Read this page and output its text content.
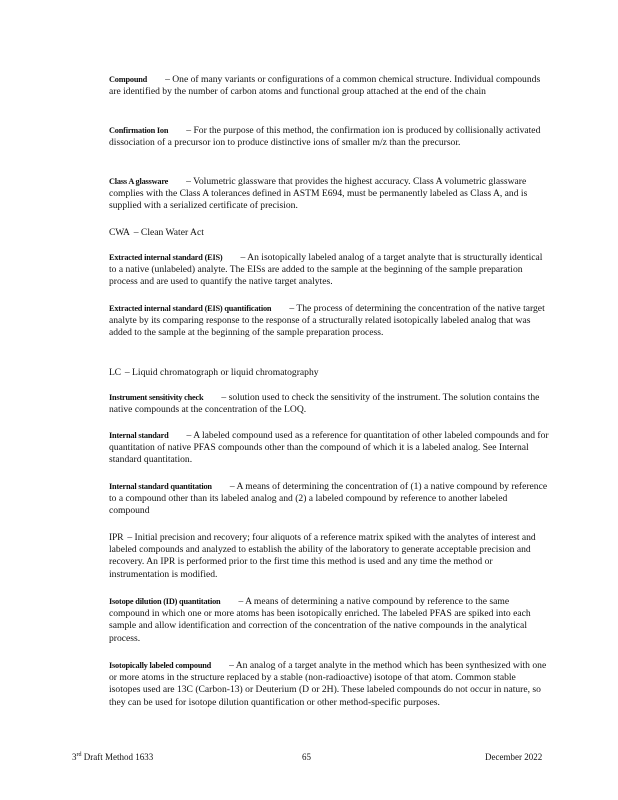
Compound – One of many variants or configurations of a common chemical structure. Individual compounds are identified by the number of carbon atoms and functional group attached at the end of the chain
Confirmation Ion – For the purpose of this method, the confirmation ion is produced by collisionally activated dissociation of a precursor ion to produce distinctive ions of smaller m/z than the precursor.
Class A glassware – Volumetric glassware that provides the highest accuracy. Class A volumetric glassware complies with the Class A tolerances defined in ASTM E694, must be permanently labeled as Class A, and is supplied with a serialized certificate of precision.
CWA – Clean Water Act
Extracted internal standard (EIS) – An isotopically labeled analog of a target analyte that is structurally identical to a native (unlabeled) analyte. The EISs are added to the sample at the beginning of the sample preparation process and are used to quantify the native target analytes.
Extracted internal standard (EIS) quantification – The process of determining the concentration of the native target analyte by its comparing response to the response of a structurally related isotopically labeled analog that was added to the sample at the beginning of the sample preparation process.
LC – Liquid chromatograph or liquid chromatography
Instrument sensitivity check – solution used to check the sensitivity of the instrument. The solution contains the native compounds at the concentration of the LOQ.
Internal standard – A labeled compound used as a reference for quantitation of other labeled compounds and for quantitation of native PFAS compounds other than the compound of which it is a labeled analog. See Internal standard quantitation.
Internal standard quantitation – A means of determining the concentration of (1) a native compound by reference to a compound other than its labeled analog and (2) a labeled compound by reference to another labeled compound
IPR – Initial precision and recovery; four aliquots of a reference matrix spiked with the analytes of interest and labeled compounds and analyzed to establish the ability of the laboratory to generate acceptable precision and recovery. An IPR is performed prior to the first time this method is used and any time the method or instrumentation is modified.
Isotope dilution (ID) quantitation – A means of determining a native compound by reference to the same compound in which one or more atoms has been isotopically enriched. The labeled PFAS are spiked into each sample and allow identification and correction of the concentration of the native compounds in the analytical process.
Isotopically labeled compound – An analog of a target analyte in the method which has been synthesized with one or more atoms in the structure replaced by a stable (non-radioactive) isotope of that atom. Common stable isotopes used are 13C (Carbon-13) or Deuterium (D or 2H). These labeled compounds do not occur in nature, so they can be used for isotope dilution quantification or other method-specific purposes.
3rd Draft Method 1633	65	December 2022
